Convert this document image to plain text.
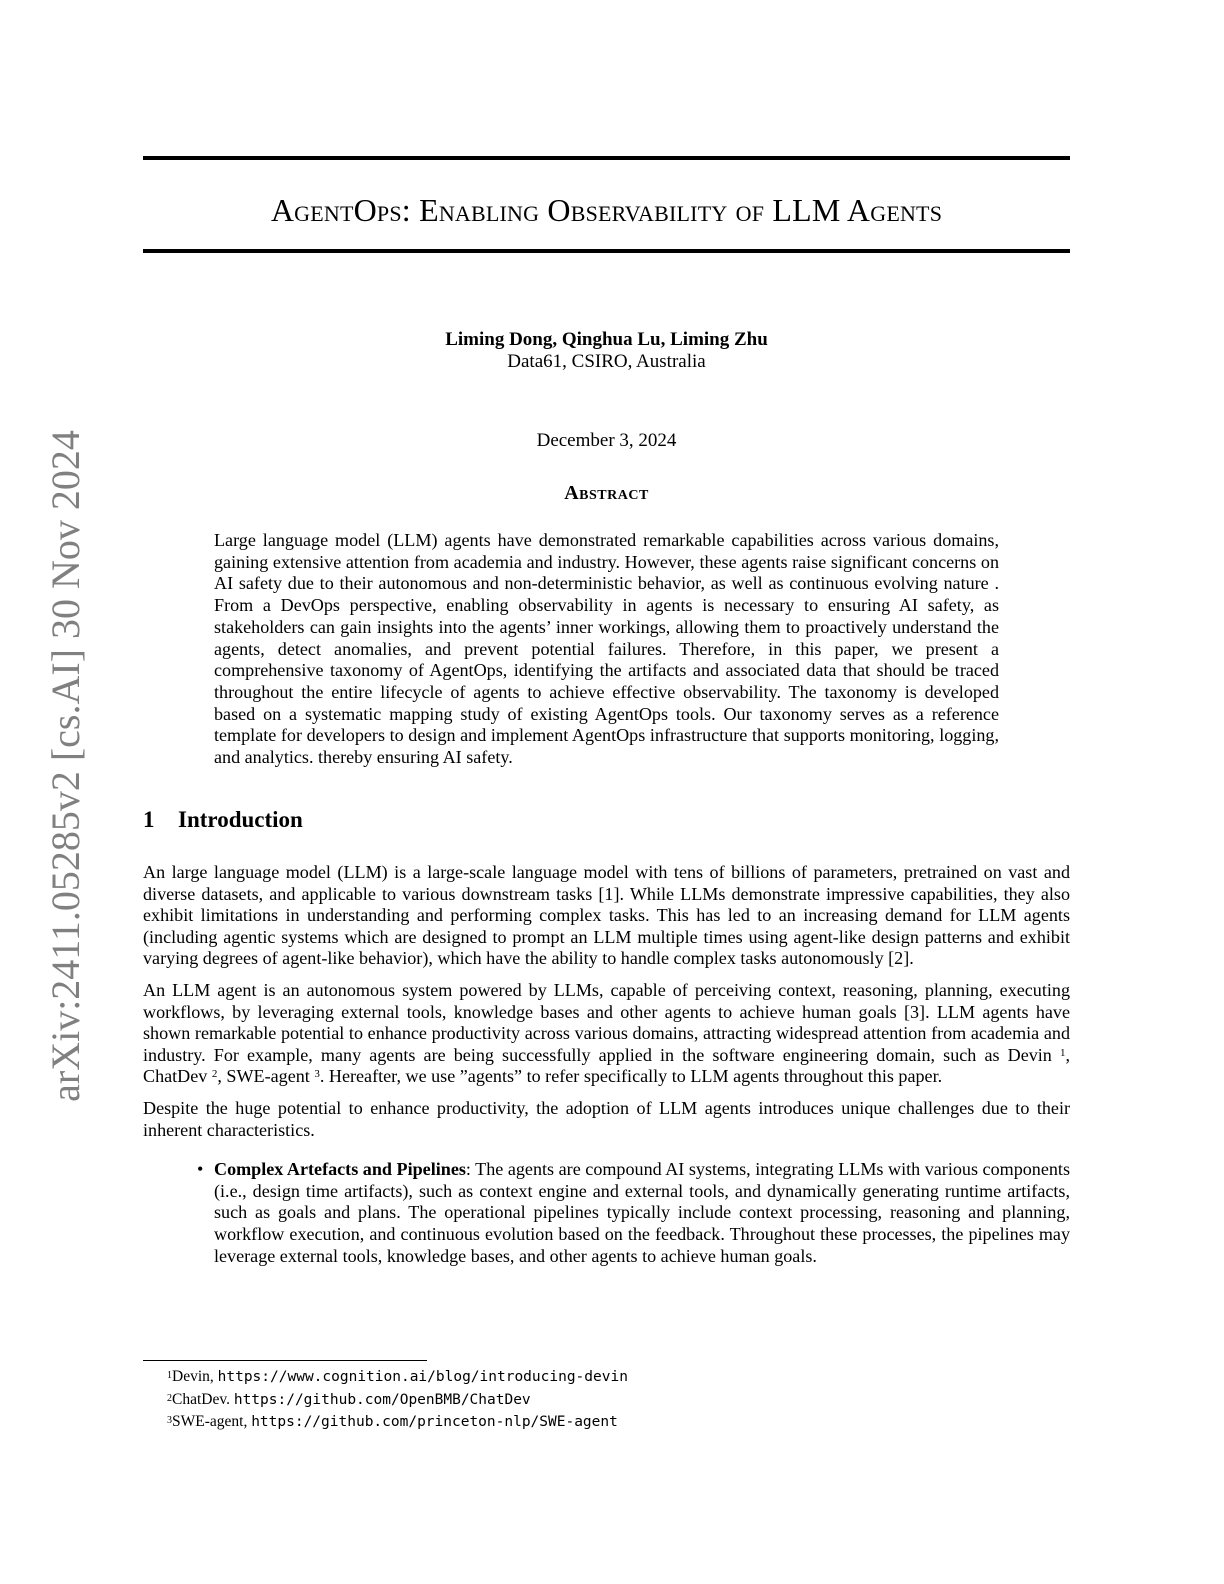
arXiv:2411.05285v2 [cs.AI] 30 Nov 2024
AgentOps: Enabling Observability of LLM Agents
Liming Dong, Qinghua Lu, Liming Zhu
Data61, CSIRO, Australia
December 3, 2024
Abstract
Large language model (LLM) agents have demonstrated remarkable capabilities across various domains, gaining extensive attention from academia and industry. However, these agents raise significant concerns on AI safety due to their autonomous and non-deterministic behavior, as well as continuous evolving nature . From a DevOps perspective, enabling observability in agents is necessary to ensuring AI safety, as stakeholders can gain insights into the agents’ inner workings, allowing them to proactively understand the agents, detect anomalies, and prevent potential failures. Therefore, in this paper, we present a comprehensive taxonomy of AgentOps, identifying the artifacts and associated data that should be traced throughout the entire lifecycle of agents to achieve effective observability. The taxonomy is developed based on a systematic mapping study of existing AgentOps tools. Our taxonomy serves as a reference template for developers to design and implement AgentOps infrastructure that supports monitoring, logging, and analytics. thereby ensuring AI safety.
1 Introduction

An large language model (LLM) is a large-scale language model with tens of billions of parameters, pretrained on vast and diverse datasets, and applicable to various downstream tasks [1]. While LLMs demonstrate impressive capabilities, they also exhibit limitations in understanding and performing complex tasks. This has led to an increasing demand for LLM agents (including agentic systems which are designed to prompt an LLM multiple times using agent-like design patterns and exhibit varying degrees of agent-like behavior), which have the ability to handle complex tasks autonomously [2].

An LLM agent is an autonomous system powered by LLMs, capable of perceiving context, reasoning, planning, executing workflows, by leveraging external tools, knowledge bases and other agents to achieve human goals [3]. LLM agents have shown remarkable potential to enhance productivity across various domains, attracting widespread attention from academia and industry. For example, many agents are being successfully applied in the software engineering domain, such as Devin $^1$, ChatDev $^2$, SWE-agent $^3$. Hereafter, we use ”agents” to refer specifically to LLM agents throughout this paper.

Despite the huge potential to enhance productivity, the adoption of LLM agents introduces unique challenges due to their inherent characteristics.

• Complex Artefacts and Pipelines: The agents are compound AI systems, integrating LLMs with various components (i.e., design time artifacts), such as context engine and external tools, and dynamically generating runtime artifacts, such as goals and plans. The operational pipelines typically include context processing, reasoning and planning, workflow execution, and continuous evolution based on the feedback. Throughout these processes, the pipelines may leverage external tools, knowledge bases, and other agents to achieve human goals.
$^1$Devin, https://www.cognition.ai/blog/introducing-devin
$^2$ChatDev. https://github.com/OpenBMB/ChatDev
$^3$SWE-agent, https://github.com/princeton-nlp/SWE-agent
